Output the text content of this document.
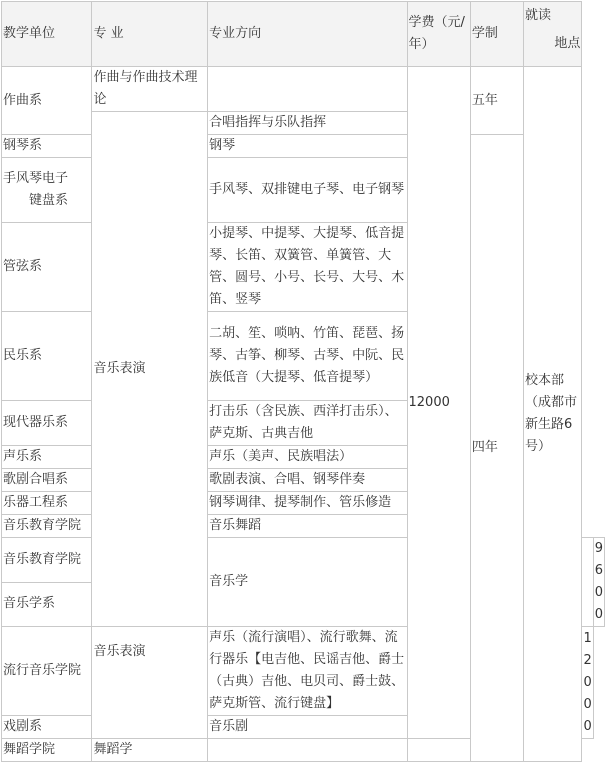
教学单位	专 业	专业方向	学费（元/年）	学制	就读
地点		

作曲系	作曲与作曲技术理论		12000	五年	校本部（成都市新生路6号）		
	音乐表演	合唱指挥与乐队指挥					
钢琴系		钢琴		四年			

手风琴电子
键盘系		手风琴、双排键电子琴、电子钢琴					
管弦系		小提琴、中提琴、大提琴、低音提琴、长笛、双簧管、单簧管、大管、圆号、小号、长号、大号、木笛、竖琴					
民乐系		二胡、笙、唢呐、竹笛、琵琶、扬琴、古筝、柳琴、古琴、中阮、民族低音（大提琴、低音提琴）					
现代器乐系		打击乐（含民族、西洋打击乐）、萨克斯、古典吉他					
声乐系		声乐（美声、民族唱法）					
歌剧合唱系		歌剧表演、合唱、钢琴伴奏					
乐器工程系		钢琴调律、提琴制作、管乐修造					
音乐教育学院		音乐舞蹈					
音乐教育学院		音乐学					9600
音乐学系							
流行音乐学院	音乐表演	声乐（流行演唱）、流行歌舞、流行器乐【电吉他、民谣吉他、爵士（古典）吉他、电贝司、爵士鼓、萨克斯管、流行键盘】				12000	
戏剧系		音乐剧					
舞蹈学院	舞蹈学						
